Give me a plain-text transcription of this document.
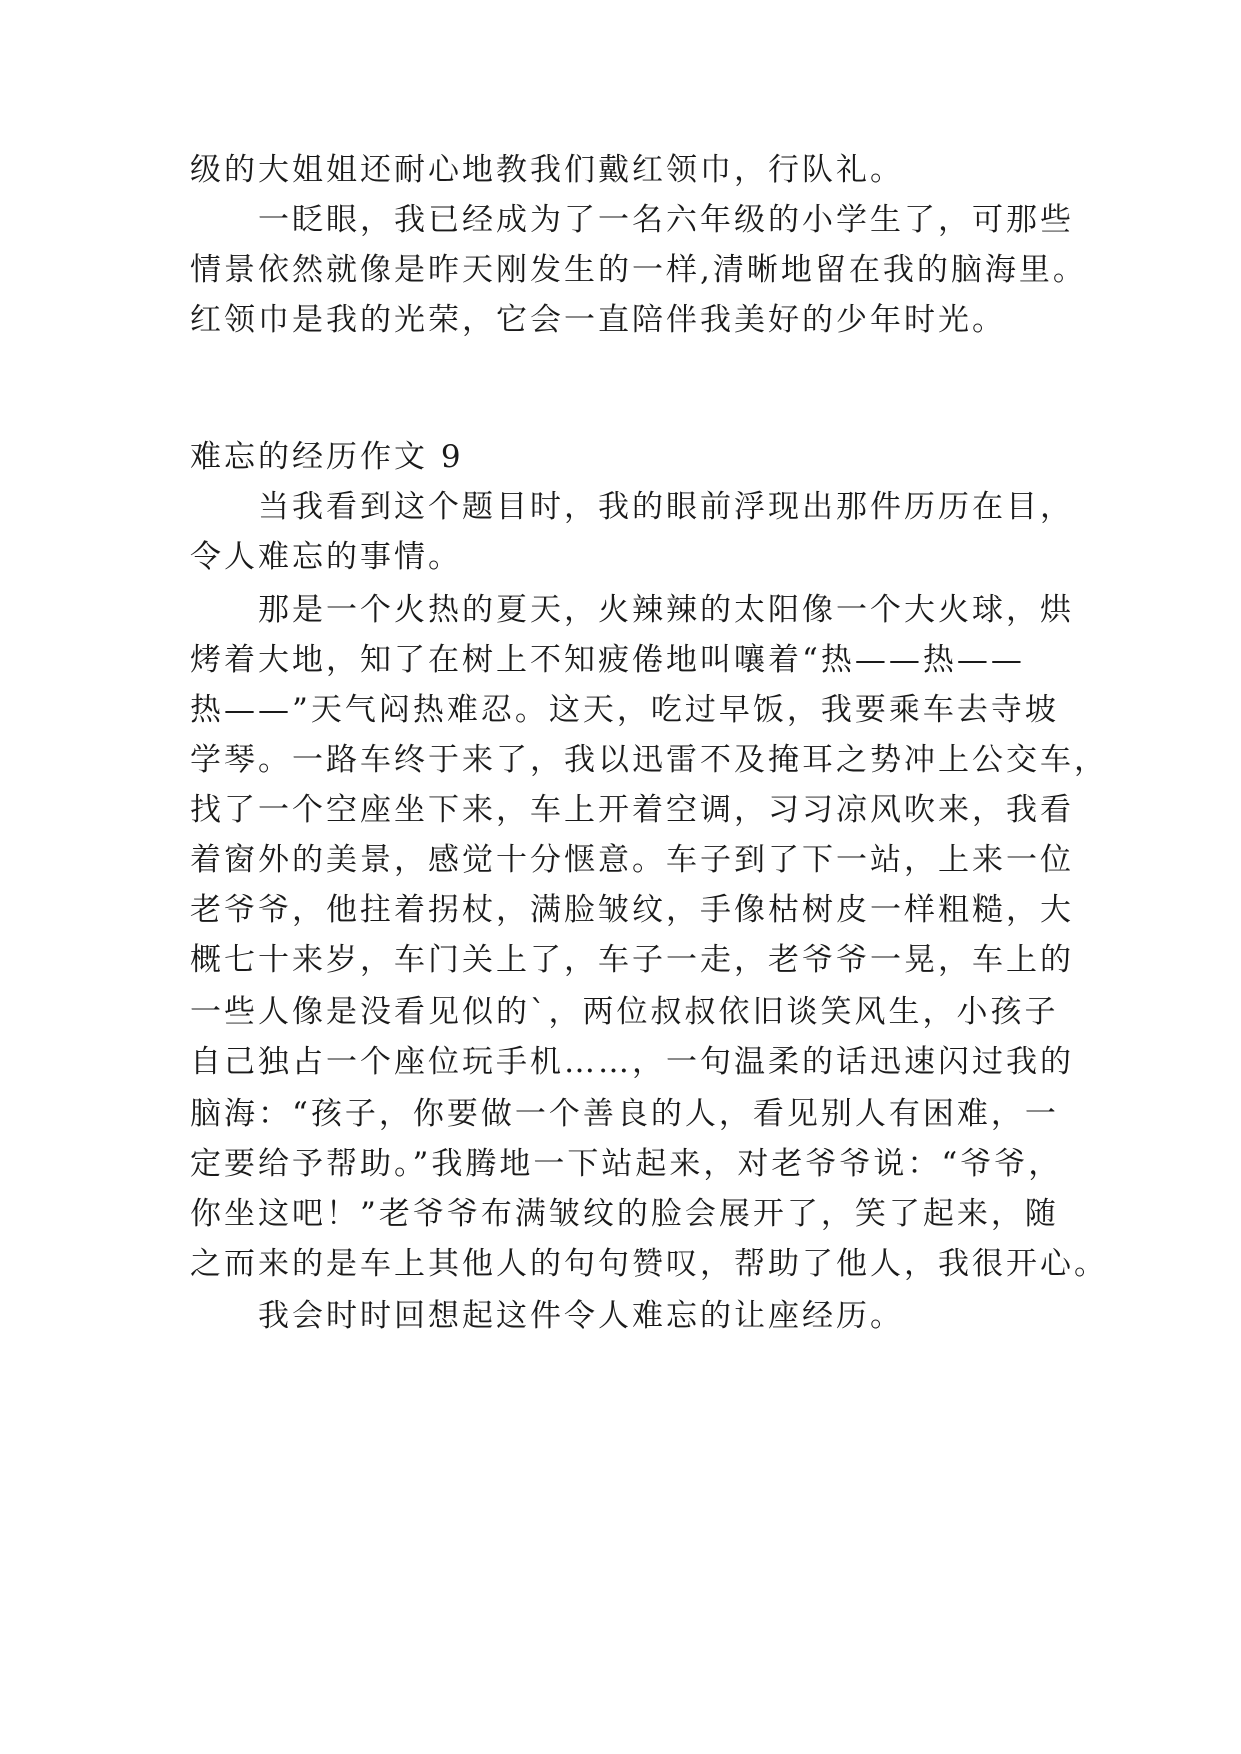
级的大姐姐还耐心地教我们戴红领巾，行队礼。

　　一眨眼，我已经成为了一名六年级的小学生了，可那些

情景依然就像是昨天刚发生的一样,清晰地留在我的脑海里。

红领巾是我的光荣，它会一直陪伴我美好的少年时光。

难忘的经历作文 9

　　当我看到这个题目时，我的眼前浮现出那件历历在目，

令人难忘的事情。

　　那是一个火热的夏天，火辣辣的太阳像一个大火球，烘

烤着大地，知了在树上不知疲倦地叫嚷着“热——热——

热——”天气闷热难忍。这天，吃过早饭，我要乘车去寺坡

学琴。一路车终于来了，我以迅雷不及掩耳之势冲上公交车，

找了一个空座坐下来，车上开着空调，习习凉风吹来，我看

着窗外的美景，感觉十分惬意。车子到了下一站，上来一位

老爷爷，他拄着拐杖，满脸皱纹，手像枯树皮一样粗糙，大

概七十来岁，车门关上了，车子一走，老爷爷一晃，车上的

一些人像是没看见似的`，两位叔叔依旧谈笑风生，小孩子

自己独占一个座位玩手机……，一句温柔的话迅速闪过我的

脑海：“孩子，你要做一个善良的人，看见别人有困难，一

定要给予帮助。”我腾地一下站起来，对老爷爷说：“爷爷，

你坐这吧！”老爷爷布满皱纹的脸会展开了，笑了起来，随

之而来的是车上其他人的句句赞叹，帮助了他人，我很开心。

　　我会时时回想起这件令人难忘的让座经历。
